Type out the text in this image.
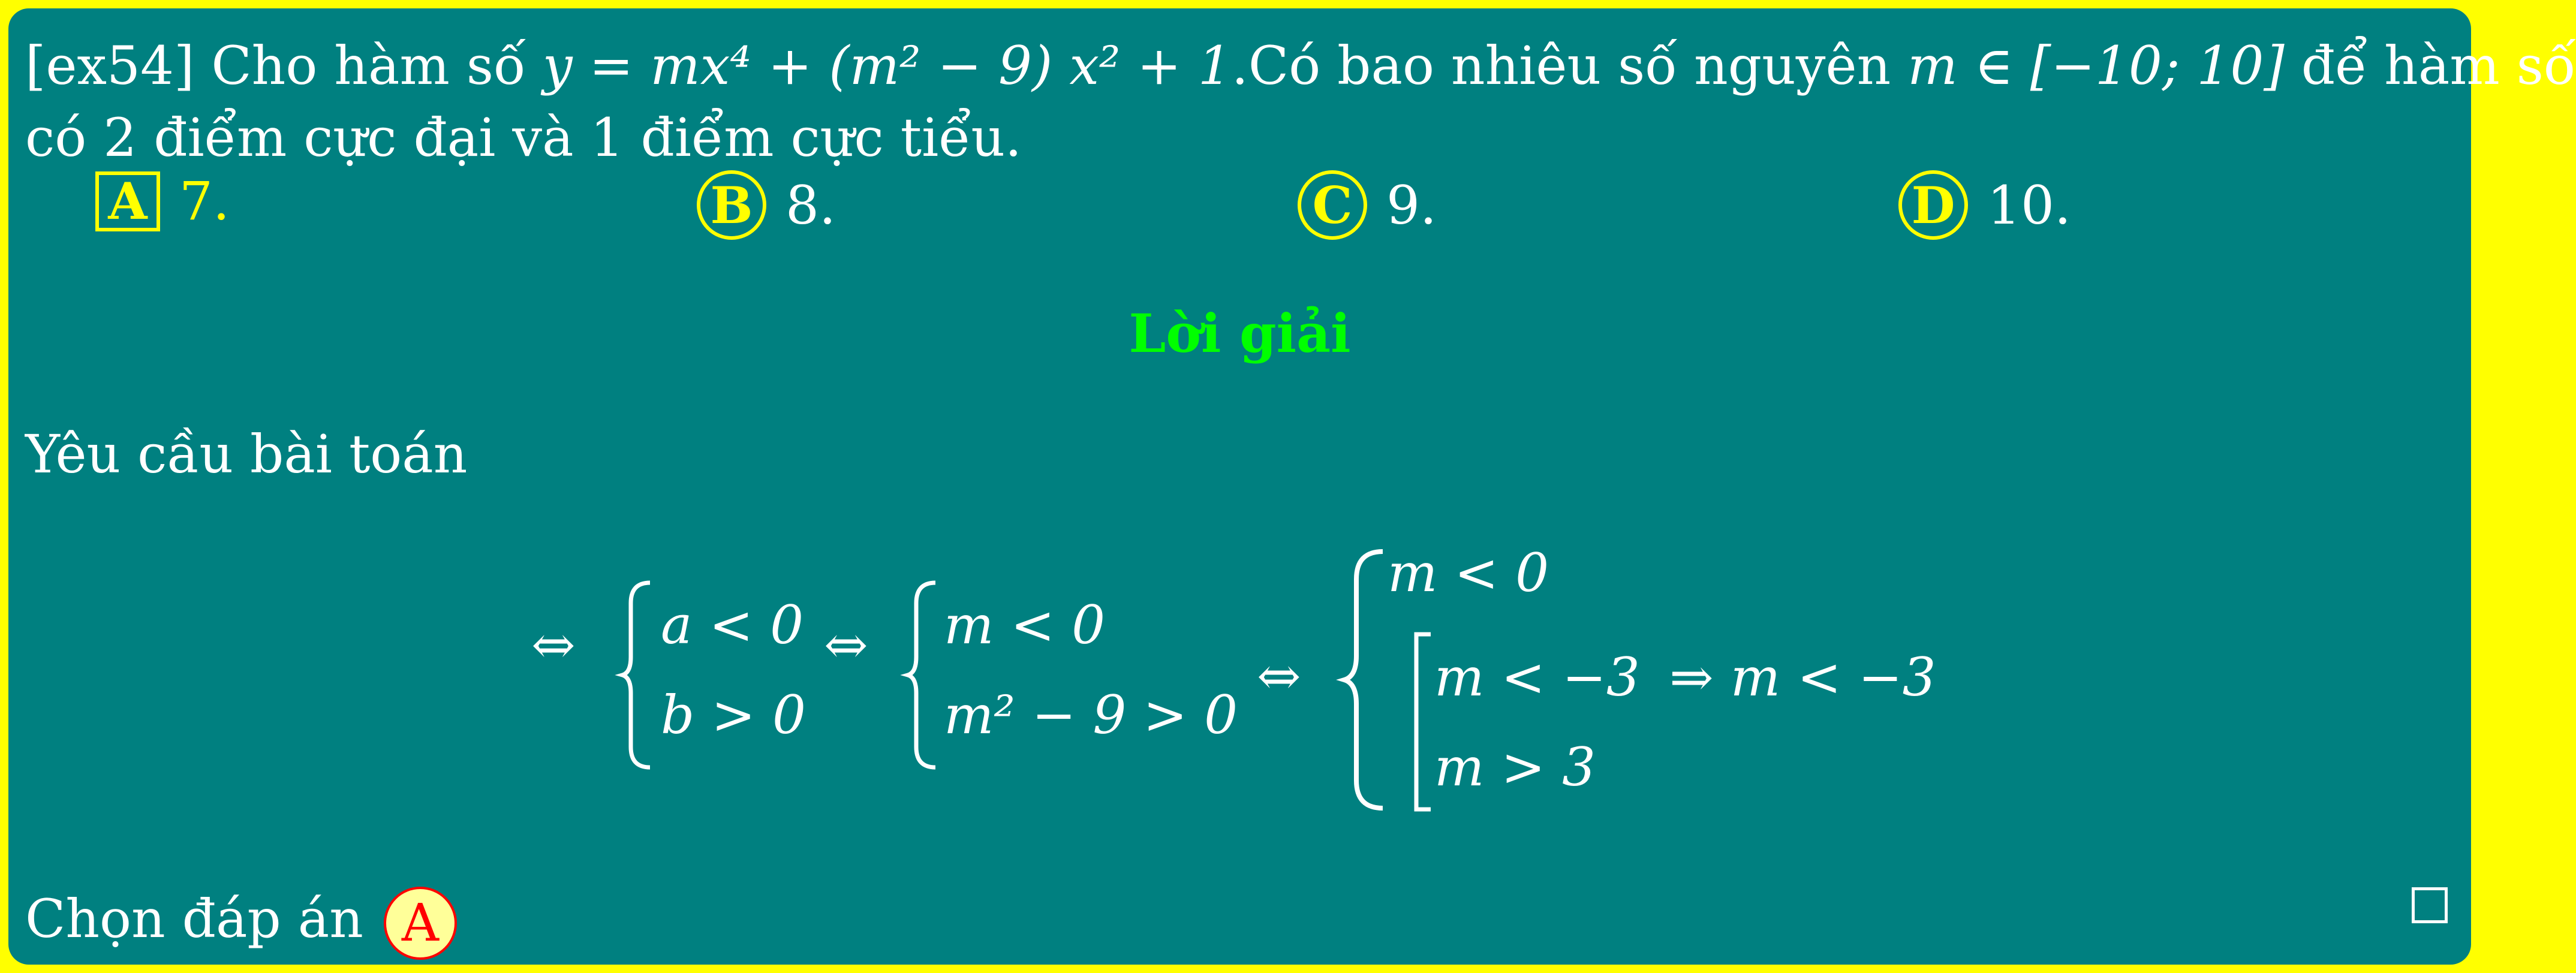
[ex54] Cho hàm số y = mx⁴ + (m² − 9) x² + 1.Có bao nhiêu số nguyên m ∈ [−10; 10] để hàm số
có 2 điểm cực đại và 1 điểm cực tiểu.
A 7.	B 8.	C 9.	D 10.
Lời giải
Yêu cầu bài toán
⇔ a < 0
b > 0
⇔ m < 0
m² − 9 > 0
⇔
m < 0
m < −3
m > 3
⇒ m < −3
Chọn đáp án A
